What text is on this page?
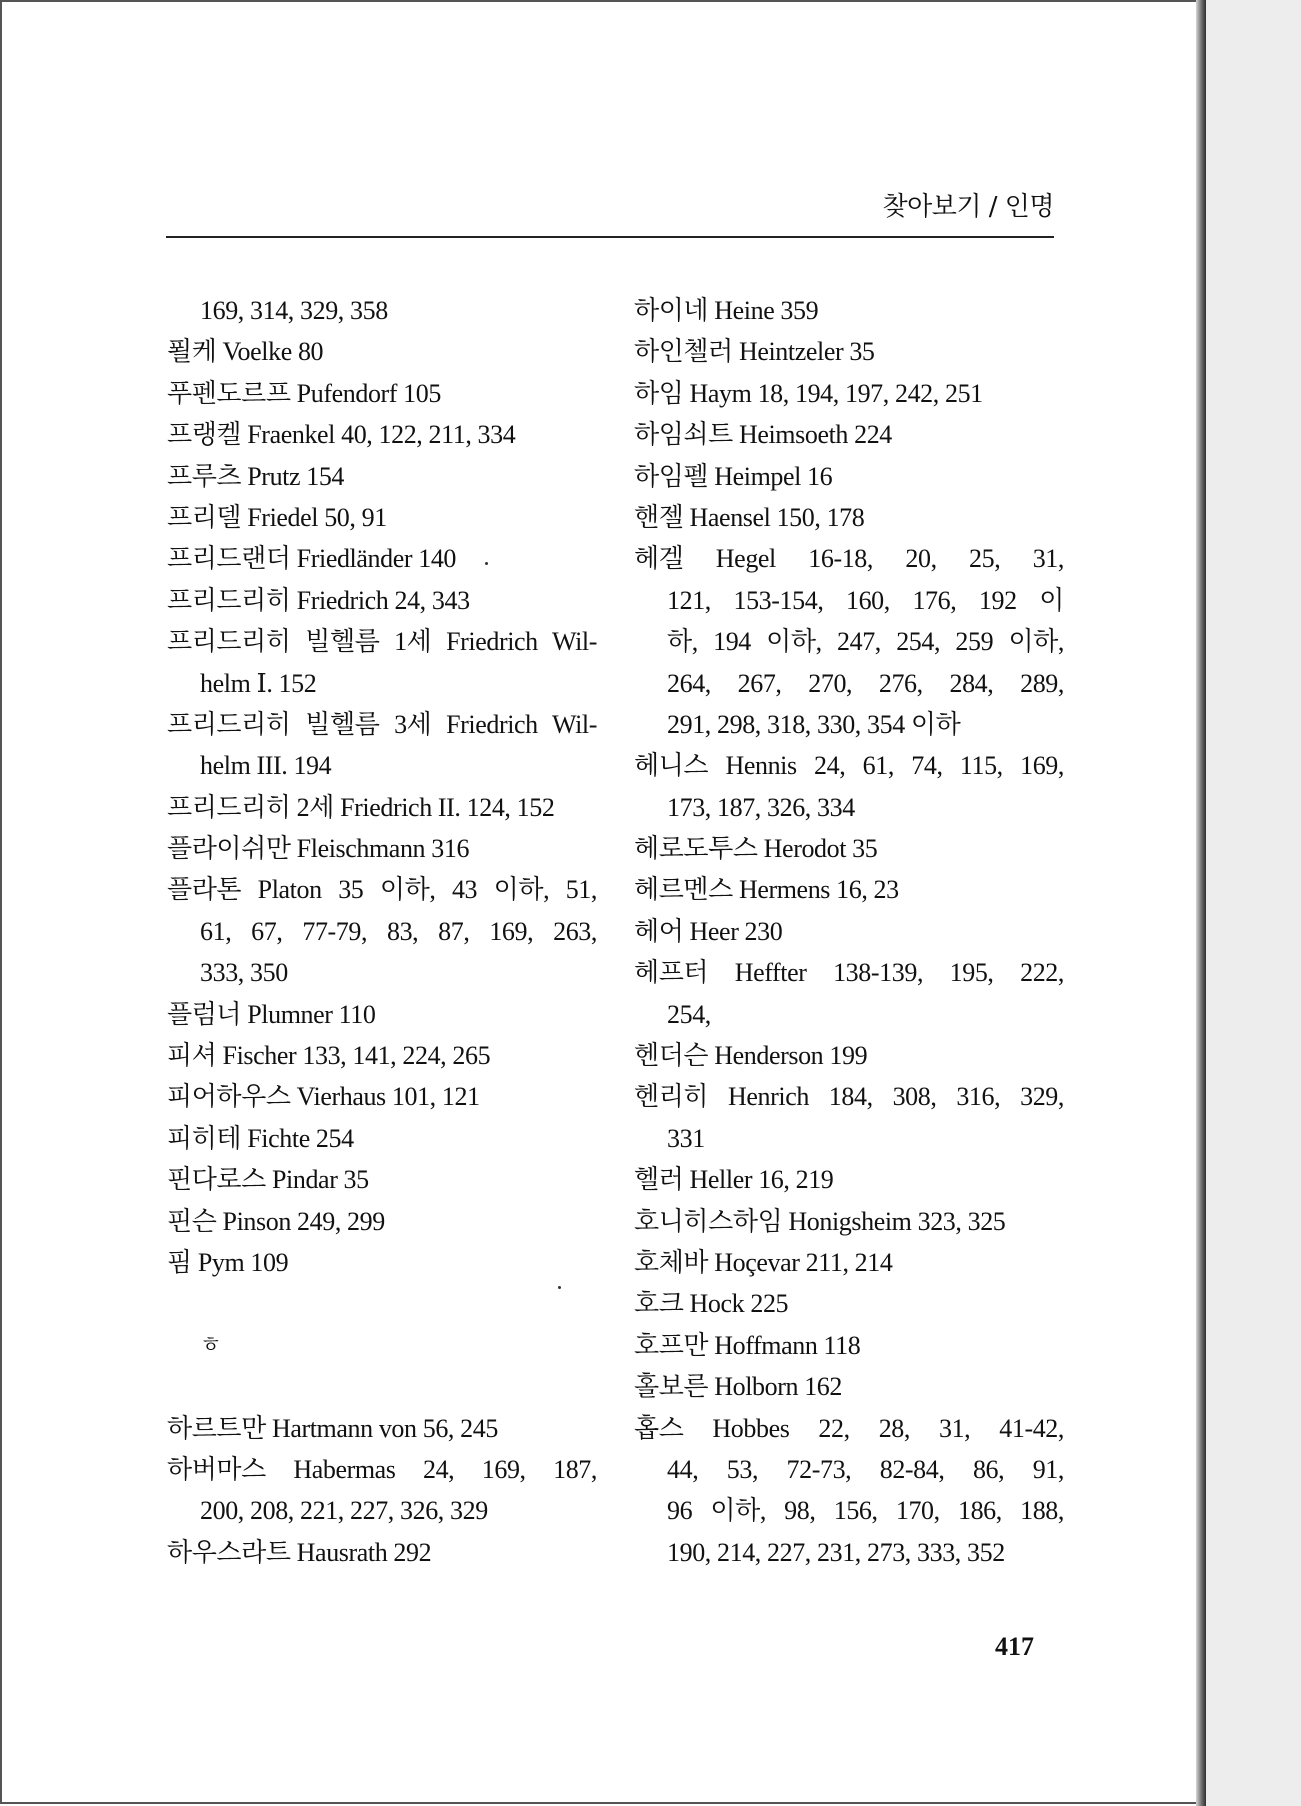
찾아보기 / 인명
169, 314, 329, 358
푈케 Voelke 80
푸펜도르프 Pufendorf 105
프랭켈 Fraenkel 40, 122, 211, 334
프루츠 Prutz 154
프리델 Friedel 50, 91
프리드랜더 Friedländer 140
프리드리히 Friedrich 24, 343
프리드리히 빌헬름 1세 Friedrich Wil-
helm Ⅰ. 152
프리드리히 빌헬름 3세 Friedrich Wil-
helm III. 194
프리드리히 2세 Friedrich II. 124, 152
플라이쉬만 Fleischmann 316
플라톤 Platon 35 이하, 43 이하, 51,
61, 67, 77-79, 83, 87, 169, 263,
333, 350
플럼너 Plumner 110
피셔 Fischer 133, 141, 224, 265
피어하우스 Vierhaus 101, 121
피히테 Fichte 254
핀다로스 Pindar 35
핀슨 Pinson 249, 299
핌 Pym 109
ㅎ
하르트만 Hartmann von 56, 245
하버마스 Habermas 24, 169, 187,
200, 208, 221, 227, 326, 329
하우스라트 Hausrath 292
하이네 Heine 359
하인첼러 Heintzeler 35
하임 Haym 18, 194, 197, 242, 251
하임쇠트 Heimsoeth 224
하임펠 Heimpel 16
핸젤 Haensel 150, 178
헤겔 Hegel 16-18, 20, 25, 31,
121, 153-154, 160, 176, 192 이
하, 194 이하, 247, 254, 259 이하,
264, 267, 270, 276, 284, 289,
291, 298, 318, 330, 354 이하
헤니스 Hennis 24, 61, 74, 115, 169,
173, 187, 326, 334
헤로도투스 Herodot 35
헤르멘스 Hermens 16, 23
헤어 Heer 230
헤프터 Heffter 138-139, 195, 222,
254,
헨더슨 Henderson 199
헨리히 Henrich 184, 308, 316, 329,
331
헬러 Heller 16, 219
호니히스하임 Honigsheim 323, 325
호체바 Hoçevar 211, 214
호크 Hock 225
호프만 Hoffmann 118
홀보른 Holborn 162
홉스 Hobbes 22, 28, 31, 41-42,
44, 53, 72-73, 82-84, 86, 91,
96 이하, 98, 156, 170, 186, 188,
190, 214, 227, 231, 273, 333, 352
417
